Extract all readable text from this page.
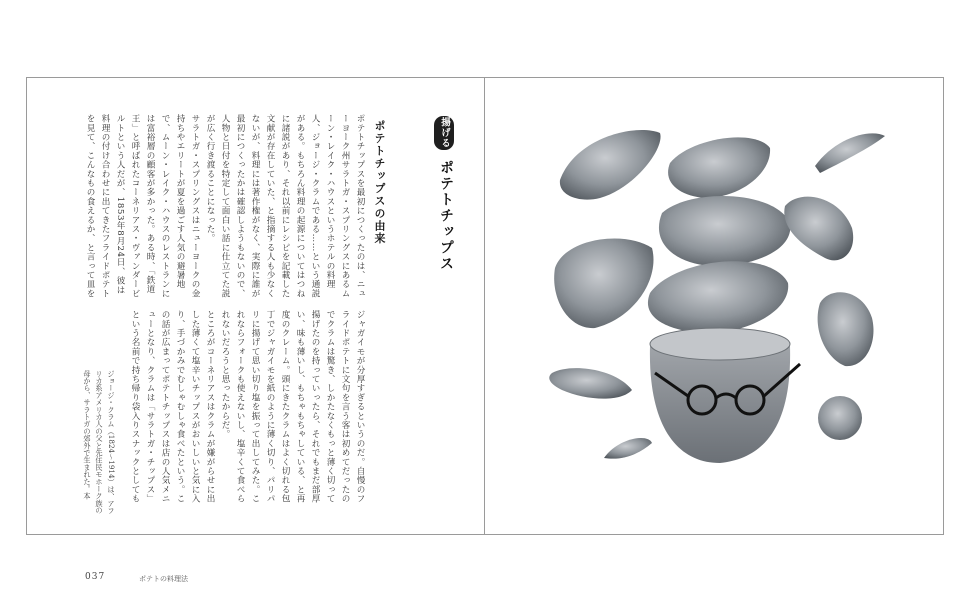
揚げる
ポテトチップス
ポテトチップスの由来
ポテトチップスを最初につくったのは、ニューヨーク州サラトガ・スプリングスにあるムーン・レイク・ハウスというホテルの料理人、ジョージ・クラムである……という通説がある。もちろん料理の起源についてはつねに諸説があり、それ以前にレシピを記載した文献が存在していた、と指摘する人も少なくないが、料理には著作権がなく、実際に誰が最初につくったかは確認しようもないので、人物と日付を特定して面白い話に仕立てた説が広く行き渡ることになった。
サラトガ・スプリングスはニューヨークの金持ちやエリートが夏を過ごす人気の避暑地で、ムーン・レイク・ハウスのレストランには富裕層の顧客が多かった。ある時、「鉄道王」と呼ばれたコーネリアス・ヴァンダービルトという人だが、1853年8月24日、彼は料理の付け合わせに出てきたフライドポテトを見て、こんなもの食えるか、と言って皿を
ジャガイモが分厚すぎるというのだ。自慢のフライドポテトに文句を言う客は初めてだったのでクラムは驚き、しかたなくもっと薄く切って揚げたのを持っていったら、それでもまだ部厚い、味も薄いし、もちゃもちゃしている、と再度のクレーム。頭にきたクラムはよく切れる包丁でジャガイモを紙のように薄く切り、パリパリに揚げて思い切り塩を振って出してみた。これならフォークも使えないし、塩辛くて食べられないだろうと思ったからだ。
ところがコーネリアスはクラムが嫌がらせに出した薄くて塩辛いチップスがおいしいと気に入り、手づかみでむしゃむしゃ食べたという。この話が広まってポテトチップスは店の人気メニューとなり、クラムは「サラトガ・チップス」という名前で持ち帰り袋入りスナックとしても
ジョージ・クラム（1824〜1914）は、アフリカ系アメリカ人の父と先住民モホーク族の母から、サラトガの郊外で生まれた。本
037	ポテトの料理法
